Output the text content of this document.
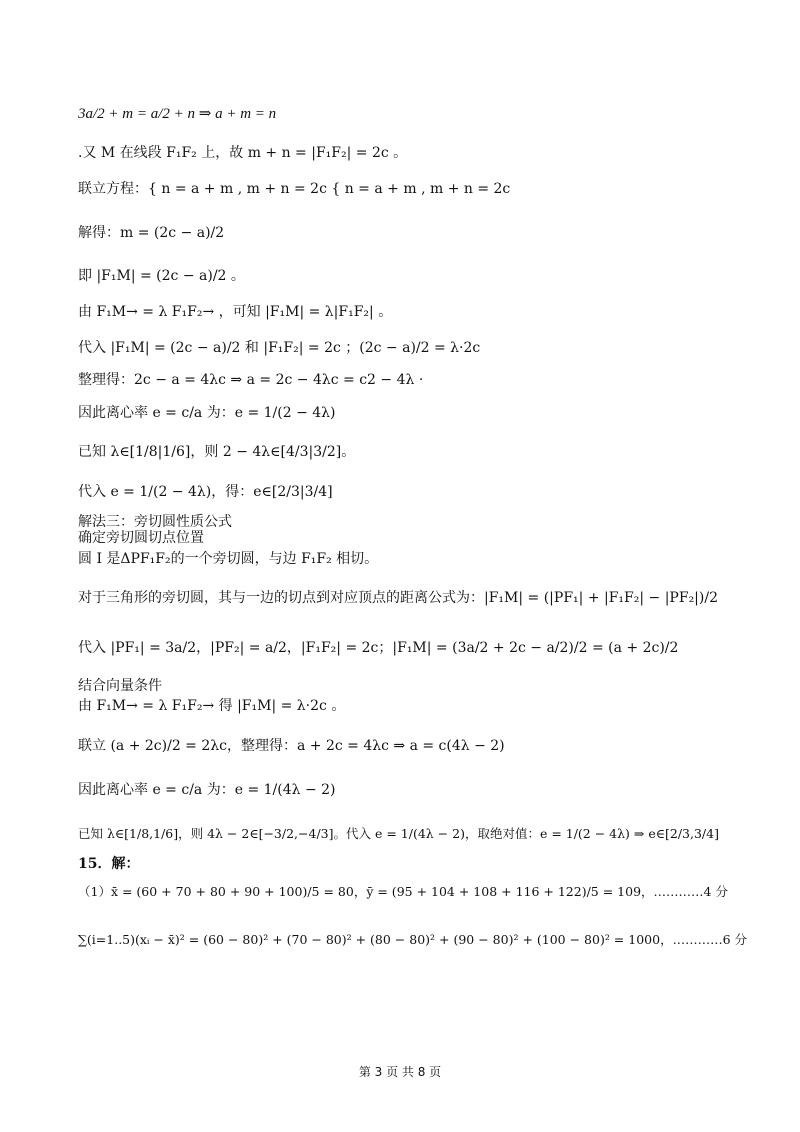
3a/2 + m = a/2 + n ⇒ a + m = n
.又 M 在线段 F₁F₂ 上，故 m + n = |F₁F₂| = 2c 。
联立方程：{ n = a + m , m + n = 2c { n = a + m , m + n = 2c
解得：m = (2c − a)/2
即 |F₁M| = (2c − a)/2 。
由 F₁M→ = λ F₁F₂→ ，可知 |F₁M| = λ|F₁F₂| 。
代入 |F₁M| = (2c − a)/2 和 |F₁F₂| = 2c ；(2c − a)/2 = λ·2c
整理得：2c − a = 4λc ⇒ a = 2c − 4λc = c2 − 4λ ·
因此离心率 e = c/a 为：e = 1/(2 − 4λ)
已知 λ∈[1/8|1/6]，则 2 − 4λ∈[4/3|3/2]。
代入 e = 1/(2 − 4λ)，得：e∈[2/3|3/4]
解法三：旁切圆性质公式
确定旁切圆切点位置
圆 I 是ΔPF₁F₂的一个旁切圆，与边 F₁F₂ 相切。
对于三角形的旁切圆，其与一边的切点到对应顶点的距离公式为：|F₁M| = (|PF₁| + |F₁F₂| − |PF₂|)/2
代入 |PF₁| = 3a/2，|PF₂| = a/2，|F₁F₂| = 2c；|F₁M| = (3a/2 + 2c − a/2)/2 = (a + 2c)/2
结合向量条件
由 F₁M→ = λ F₁F₂→ 得 |F₁M| = λ·2c 。
联立 (a + 2c)/2 = 2λc，整理得：a + 2c = 4λc ⇒ a = c(4λ − 2)
因此离心率 e = c/a 为：e = 1/(4λ − 2)
已知 λ∈[1/8,1/6]，则 4λ − 2∈[−3/2,−4/3]。代入 e = 1/(4λ − 2)，取绝对值：e = 1/(2 − 4λ) ⇒ e∈[2/3,3/4]
15．解：
（1）x̄ = (60 + 70 + 80 + 90 + 100)/5 = 80，ȳ = (95 + 104 + 108 + 116 + 122)/5 = 109，…………4 分
∑(i=1..5)(xᵢ − x̄)² = (60 − 80)² + (70 − 80)² + (80 − 80)² + (90 − 80)² + (100 − 80)² = 1000，…………6 分
第 3 页 共 8 页
